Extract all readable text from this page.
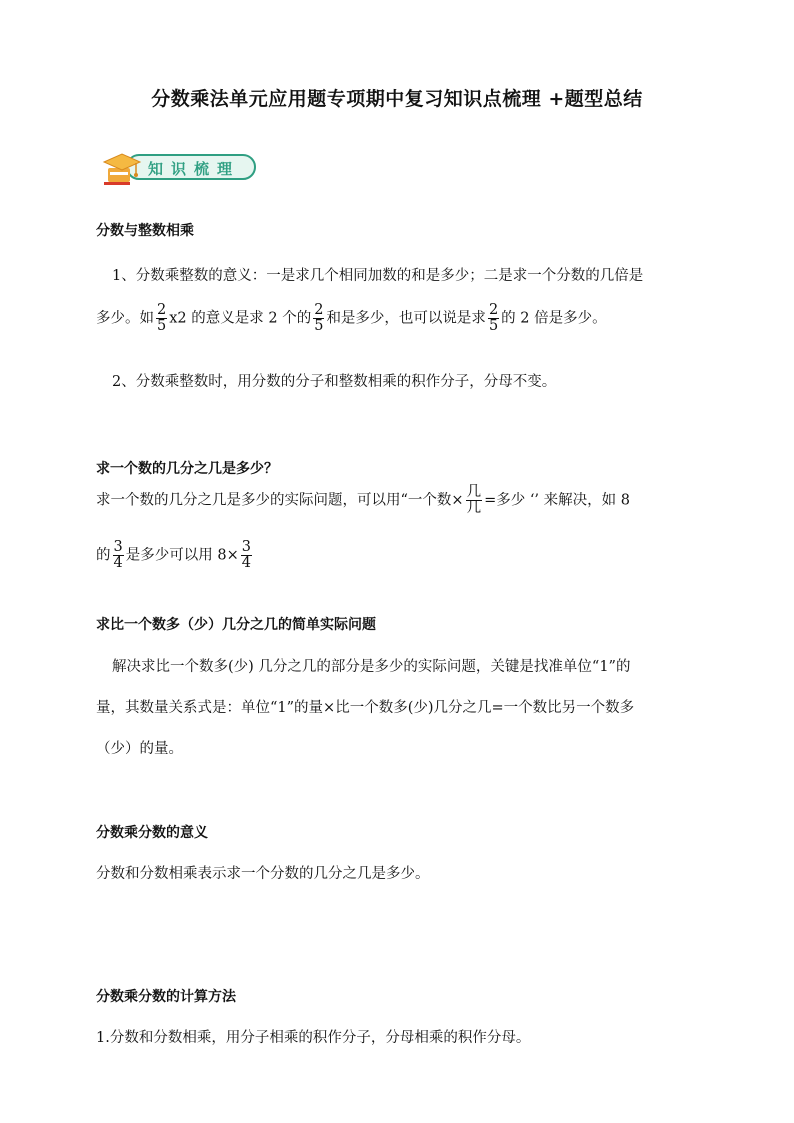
分数乘法单元应用题专项期中复习知识点梳理 +题型总结
知识梳理
分数与整数相乘
1、分数乘整数的意义：一是求几个相同加数的和是多少；二是求一个分数的几倍是
多少。如 $\frac{2}{5} x2$ 的意义是求 2 个的 $\frac{2}{5}$ 和是多少，也可以说是求 $\frac{2}{5}$ 的 2 倍是多少。
2、分数乘整数时，用分数的分子和整数相乘的积作分子，分母不变。
求一个数的几分之几是多少？
求一个数的几分之几是多少的实际问题，可以用“一个数× $\frac{\text{几}}{\text{几}}$ =多少 ‘’ 来解决，如 8
的 $\frac{3}{4}$ 是多少可以用 $8\times \frac{3}{4}$
求比一个数多（少）几分之几的简单实际问题
解决求比一个数多(少) 几分之几的部分是多少的实际问题，关键是找准单位“1”的
量，其数量关系式是：单位“1”的量×比一个数多(少)几分之几=一个数比另一个数多
（少）的量。
分数乘分数的意义
分数和分数相乘表示求一个分数的几分之几是多少。
分数乘分数的计算方法
1.分数和分数相乘，用分子相乘的积作分子，分母相乘的积作分母。
